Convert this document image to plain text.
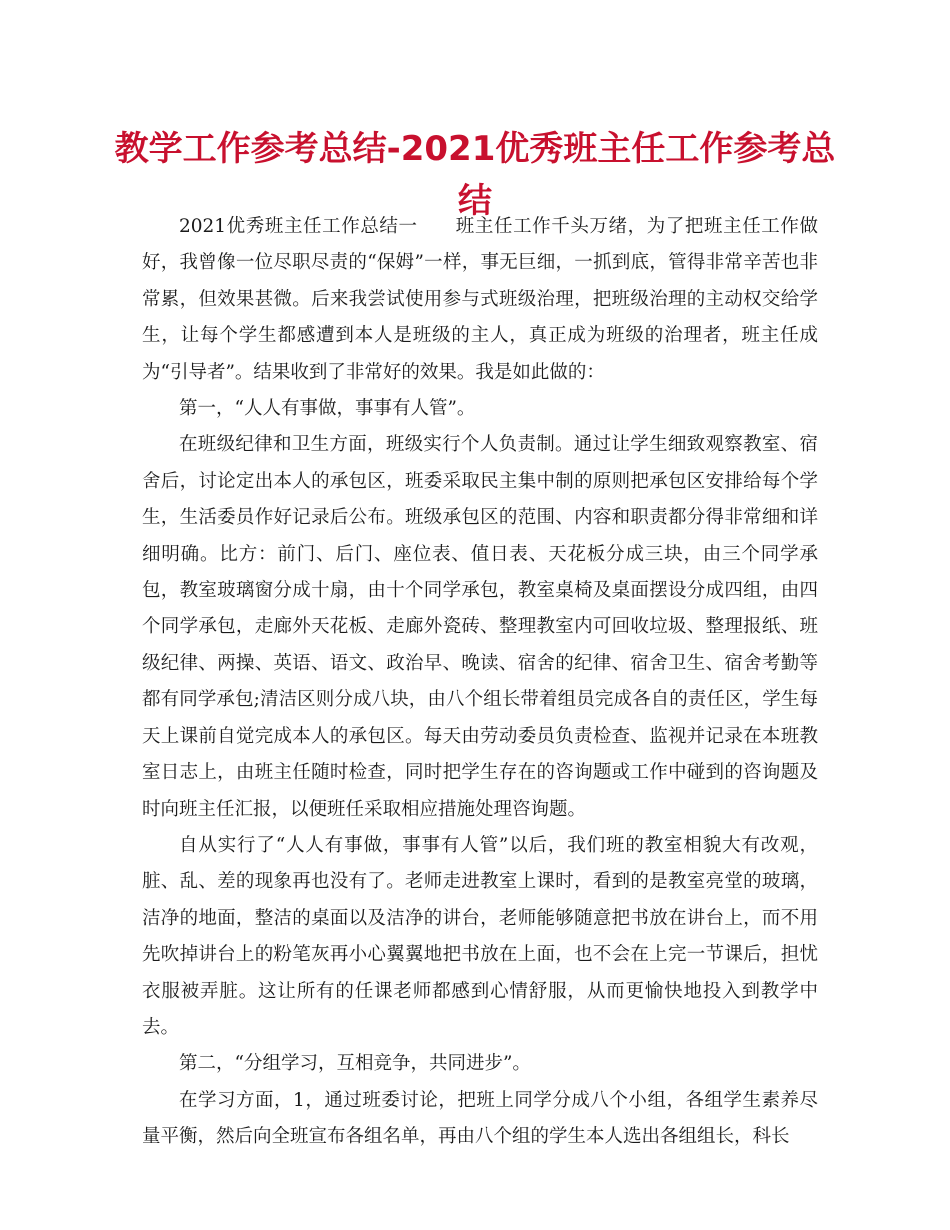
教学工作参考总结-2021优秀班主任工作参考总结

2021优秀班主任工作总结一　　班主任工作千头万绪，为了把班主任工作做好，我曾像一位尽职尽责的“保姆”一样，事无巨细，一抓到底，管得非常辛苦也非常累，但效果甚微。后来我尝试使用参与式班级治理，把班级治理的主动权交给学生，让每个学生都感遭到本人是班级的主人，真正成为班级的治理者，班主任成为“引导者”。结果收到了非常好的效果。我是如此做的：

第一，“人人有事做，事事有人管”。

在班级纪律和卫生方面，班级实行个人负责制。通过让学生细致观察教室、宿舍后，讨论定出本人的承包区，班委采取民主集中制的原则把承包区安排给每个学生，生活委员作好记录后公布。班级承包区的范围、内容和职责都分得非常细和详细明确。比方：前门、后门、座位表、值日表、天花板分成三块，由三个同学承包，教室玻璃窗分成十扇，由十个同学承包，教室桌椅及桌面摆设分成四组，由四个同学承包，走廊外天花板、走廊外瓷砖、整理教室内可回收垃圾、整理报纸、班级纪律、两操、英语、语文、政治早、晚读、宿舍的纪律、宿舍卫生、宿舍考勤等都有同学承包;清洁区则分成八块，由八个组长带着组员完成各自的责任区，学生每天上课前自觉完成本人的承包区。每天由劳动委员负责检查、监视并记录在本班教室日志上，由班主任随时检查，同时把学生存在的咨询题或工作中碰到的咨询题及时向班主任汇报，以便班任采取相应措施处理咨询题。

自从实行了“人人有事做，事事有人管”以后，我们班的教室相貌大有改观，脏、乱、差的现象再也没有了。老师走进教室上课时，看到的是教室亮堂的玻璃，洁净的地面，整洁的桌面以及洁净的讲台，老师能够随意把书放在讲台上，而不用先吹掉讲台上的粉笔灰再小心翼翼地把书放在上面，也不会在上完一节课后，担忧衣服被弄脏。这让所有的任课老师都感到心情舒服，从而更愉快地投入到教学中去。

第二，“分组学习，互相竞争，共同进步”。

在学习方面，1，通过班委讨论，把班上同学分成八个小组，各组学生素养尽量平衡，然后向全班宣布各组名单，再由八个组的学生本人选出各组组长，科长
